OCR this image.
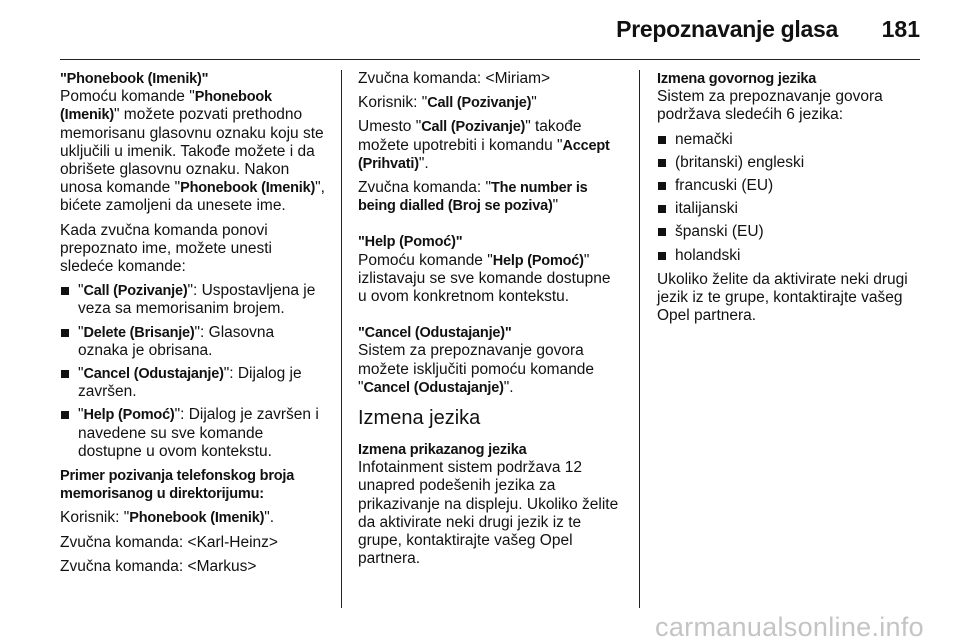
Prepoznavanje glasa 181
"Phonebook (Imenik)"

Pomoću komande "Phonebook (Imenik)" možete pozvati prethodno memorisanu glasovnu oznaku koju ste uključili u imenik. Takođe možete i da obrišete glasovnu oznaku. Nakon unosa komande "Phonebook (Imenik)", bićete zamoljeni da unesete ime.

Kada zvučna komanda ponovi prepoznato ime, možete unesti sledeće komande:

"Call (Pozivanje)": Uspostavljena je veza sa memorisanim brojem.
"Delete (Brisanje)": Glasovna oznaka je obrisana.
"Cancel (Odustajanje)": Dijalog je završen.
"Help (Pomoć)": Dijalog je završen i navedene su sve komande dostupne u ovom kontekstu.
Primer pozivanja telefonskog broja memorisanog u direktorijumu:

Korisnik: "Phonebook (Imenik)".

Zvučna komanda: <Karl-Heinz>

Zvučna komanda: <Markus>

Zvučna komanda: <Miriam>

Korisnik: "Call (Pozivanje)"

Umesto "Call (Pozivanje)" takođe možete upotrebiti i komandu "Accept (Prihvati)".

Zvučna komanda: "The number is being dialled (Broj se poziva)"

"Help (Pomoć)"

Pomoću komande "Help (Pomoć)" izlistavaju se sve komande dostupne u ovom konkretnom kontekstu.

"Cancel (Odustajanje)"

Sistem za prepoznavanje govora možete isključiti pomoću komande "Cancel (Odustajanje)".

Izmena jezika
Izmena prikazanog jezika

Infotainment sistem podržava 12 unapred podešenih jezika za prikazivanje na displeju. Ukoliko želite da aktivirate neki drugi jezik iz te grupe, kontaktirajte vašeg Opel partnera.

Izmena govornog jezika

Sistem za prepoznavanje govora podržava sledećih 6 jezika:

nemački
(britanski) engleski
francuski (EU)
italijanski
španski (EU)
holandski

Ukoliko želite da aktivirate neki drugi jezik iz te grupe, kontaktirajte vašeg Opel partnera.

carmanualsonline.info
